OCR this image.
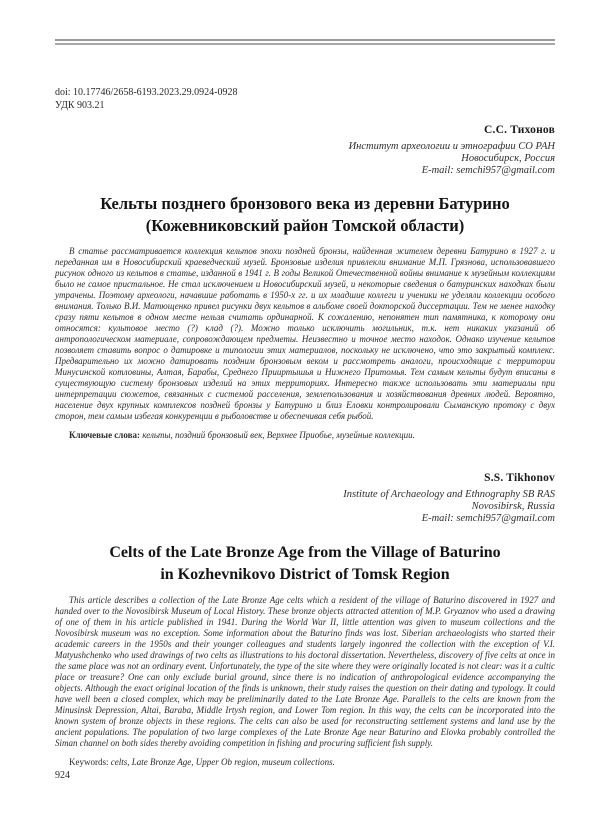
doi: 10.17746/2658-6193.2023.29.0924-0928
УДК 903.21
С.С. Тихонов
Институт археологии и этнографии СО РАН
Новосибирск, Россия
E-mail: semchi957@gmail.com
Кельты позднего бронзового века из деревни Батурино
(Кожевниковский район Томской области)

В статье рассматривается коллекция кельтов эпохи поздней бронзы, найденная жителем деревни Батурино в 1927 г. и переданная им в Новосибирский краеведческий музей. Бронзовые изделия привлекли внимание М.П. Грязнова, использовавшего рисунок одного из кельтов в статье, изданной в 1941 г. В годы Великой Отечественной войны внимание к музейным коллекциям было не самое пристальное. Не стал исключением и Новосибирский музей, и некоторые сведения о батуринских находках были утрачены. Поэтому археологи, начавшие работать в 1950-х гг. и их младшие коллеги и ученики не уделяли коллекции особого внимания. Только В.И. Матющенко привел рисунки двух кельтов в альбоме своей докторской диссертации. Тем не менее находку сразу пяти кельтов в одном месте нельзя считать ординарной. К сожалению, непонятен тип памятника, к которому они относятся: культовое место (?) клад (?). Можно только исключить могильник, т.к. нет никаких указаний об антропологическом материале, сопровождающем предметы. Неизвестно и точное место находок. Однако изучение кельтов позволяет ставить вопрос о датировке и типологии этих материалов, поскольку не исключено, что это закрытый комплекс. Предварительно их можно датировать поздним бронзовым веком и рассмотреть аналоги, происходящие с территории Минусинской котловины, Алтая, Барабы, Среднего Прииртышья и Нижнего Притомья. Тем самым кельты будут вписаны в существующую систему бронзовых изделий на этих территориях. Интересно также использовать эти материалы при интерпретации сюжетов, связанных с системой расселения, землепользования и хозяйствования древних людей. Вероятно, население двух крупных комплексов поздней бронзы у Батурино и близ Еловки контролировали Сыманскую протоку с двух сторон, тем самым избегая конкуренции в рыболовстве и обеспечивая себя рыбой.

Ключевые слова: кельты, поздний бронзовый век, Верхнее Приобье, музейные коллекции.

S.S. Tikhonov
Institute of Archaeology and Ethnography SB RAS
Novosibirsk, Russia
E-mail: semchi957@gmail.com
Celts of the Late Bronze Age from the Village of Baturino
in Kozhevnikovo District of Tomsk Region

This article describes a collection of the Late Bronze Age celts which a resident of the village of Baturino discovered in 1927 and handed over to the Novosibirsk Museum of Local History. These bronze objects attracted attention of M.P. Gryaznov who used a drawing of one of them in his article published in 1941. During the World War II, little attention was given to museum collections and the Novosibirsk museum was no exception. Some information about the Baturino finds was lost. Siberian archaeologists who started their academic careers in the 1950s and their younger colleagues and students largely ingonred the collection with the exception of V.I. Matyushchenko who used drawings of two celts as illustrations to his doctoral dissertation. Nevertheless, discovery of five celts at once in the same place was not an ordinary event. Unfortunately, the type of the site where they were originally located is not clear: was it a cultic place or treasure? One can only exclude burial ground, since there is no indication of anthropological evidence accompanying the objects. Although the exact original location of the finds is unknown, their study raises the question on their dating and typology. It could have well been a closed complex, which may be preliminarily dated to the Late Bronze Age. Parallels to the celts are known from the Minusinsk Depression, Altai, Baraba, Middle Irtysh region, and Lower Tom region. In this way, the celts can be incorporated into the known system of bronze objects in these regions. The celts can also be used for reconstructing settlement systems and land use by the ancient populations. The population of two large complexes of the Late Bronze Age near Baturino and Elovka probably controlled the Siman channel on both sides thereby avoiding competition in fishing and procuring sufficient fish supply.

Keywords: celts, Late Bronze Age, Upper Ob region, museum collections.

924
